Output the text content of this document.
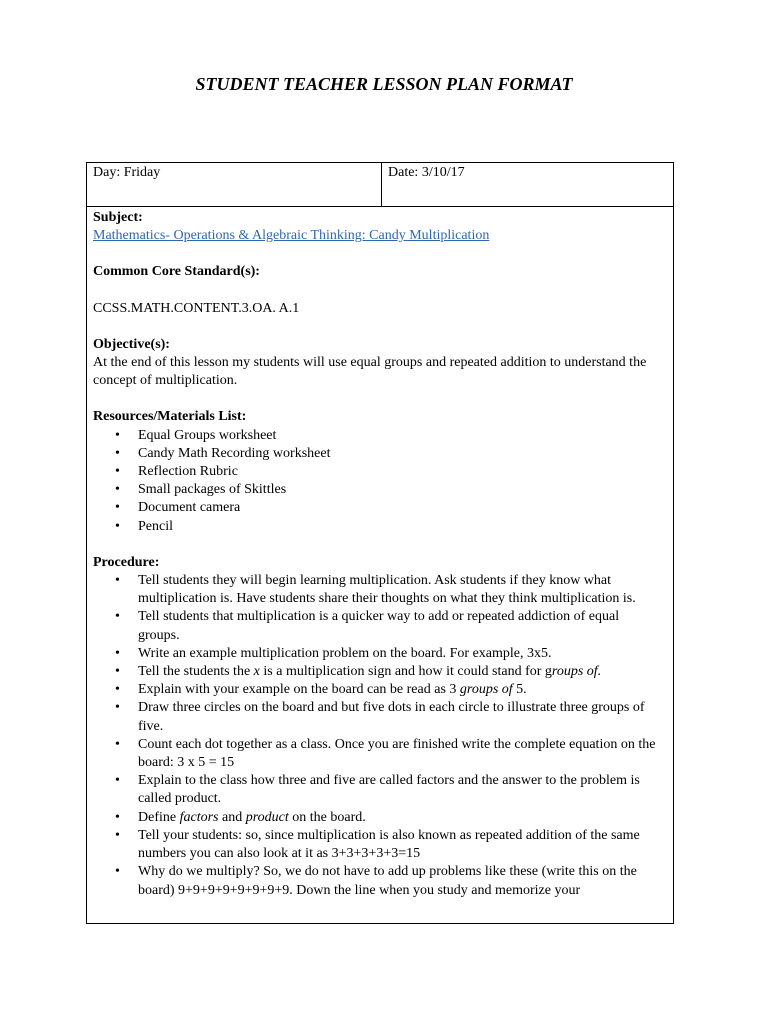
STUDENT TEACHER LESSON PLAN FORMAT
Day: Friday	Date: 3/10/17

Subject:

Mathematics- Operations & Algebraic Thinking: Candy Multiplication

Common Core Standard(s):

CCSS.MATH.CONTENT.3.OA. A.1

Objective(s):

At the end of this lesson my students will use equal groups and repeated addition to understand the concept of multiplication.

Resources/Materials List:

• Equal Groups worksheet
• Candy Math Recording worksheet
• Reflection Rubric
• Small packages of Skittles
• Document camera
• Pencil

Procedure:

• Tell students they will begin learning multiplication. Ask students if they know what multiplication is. Have students share their thoughts on what they think multiplication is.
• Tell students that multiplication is a quicker way to add or repeated addiction of equal groups.
• Write an example multiplication problem on the board. For example, 3x5.
• Tell the students the x is a multiplication sign and how it could stand for groups of.
• Explain with your example on the board can be read as 3 groups of 5.
• Draw three circles on the board and but five dots in each circle to illustrate three groups of five.
• Count each dot together as a class. Once you are finished write the complete equation on the board: 3 x 5 = 15
• Explain to the class how three and five are called factors and the answer to the problem is called product.
• Define factors and product on the board.
• Tell your students: so, since multiplication is also known as repeated addition of the same numbers you can also look at it as 3+3+3+3+3=15
• Why do we multiply? So, we do not have to add up problems like these (write this on the board) 9+9+9+9+9+9+9+9. Down the line when you study and memorize your
